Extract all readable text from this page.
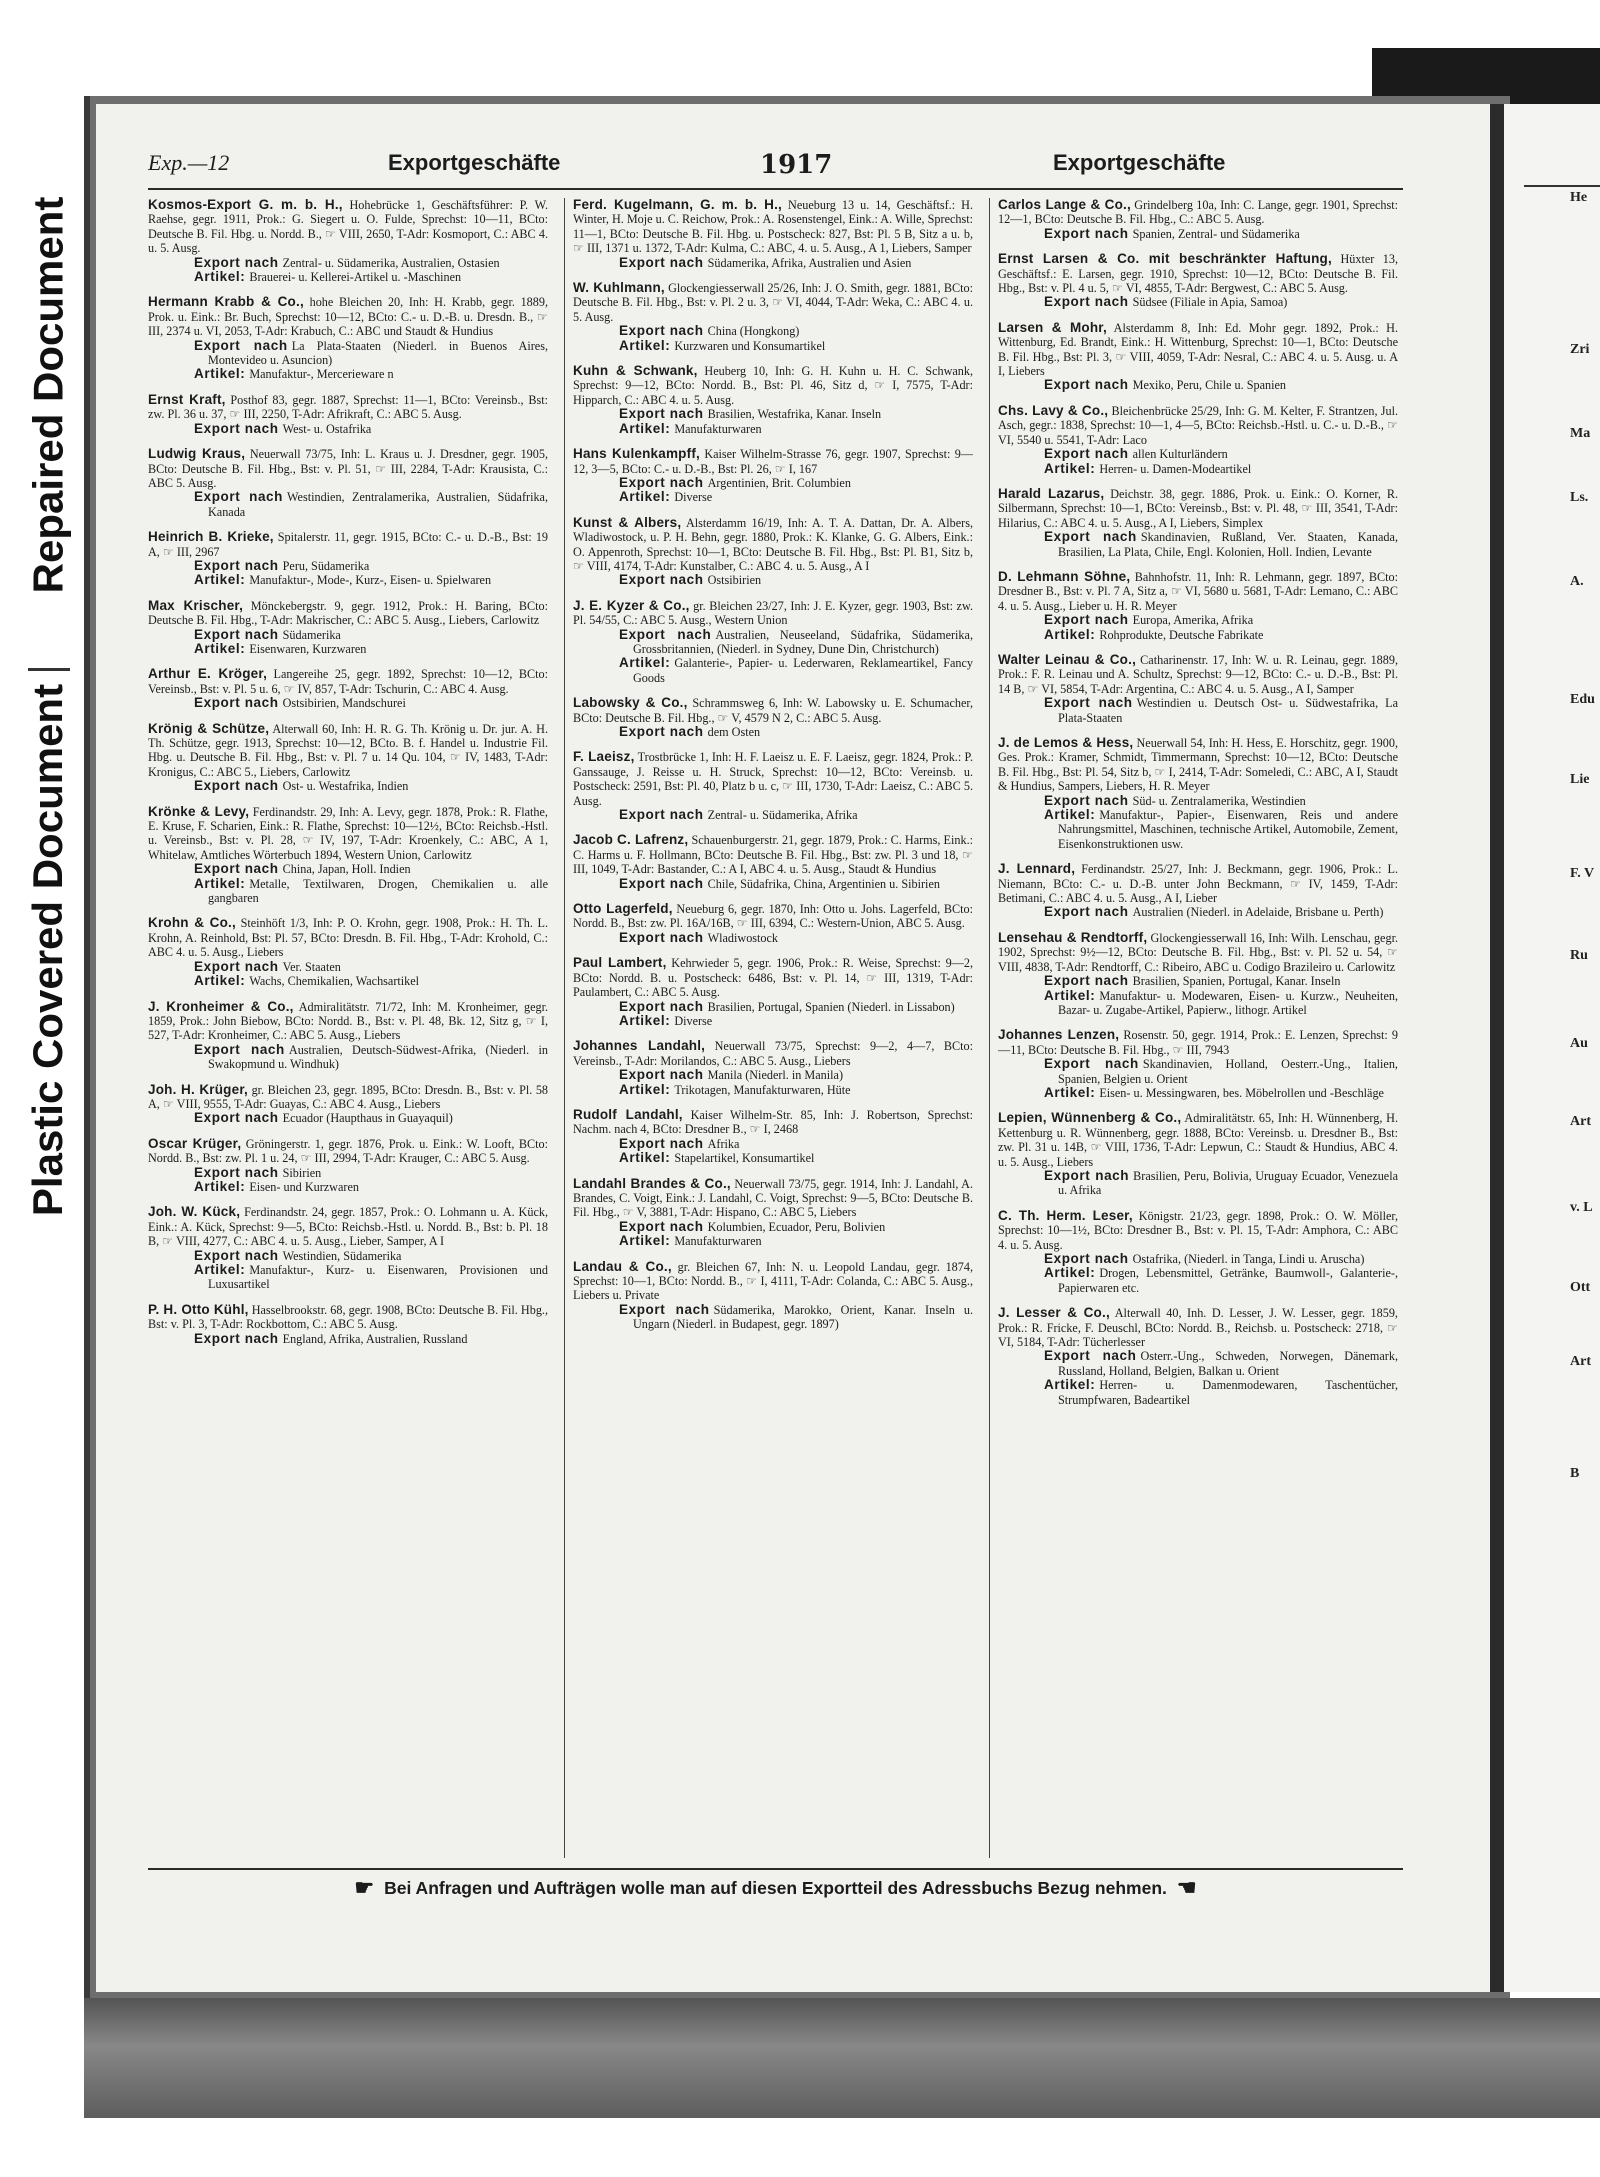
Repaired Document
Plastic Covered Document
He
Zri
Ma
Ls.
A.
Edu
Lie
F. V
Ru
Au
Art
v. L
Ott
Art
B
Exp.—12	Exportgeschäfte	1917	Exportgeschäfte
Kosmos-Export G. m. b. H., Hohebrücke 1, Geschäftsführer: P. W. Raehse, gegr. 1911, Prok.: G. Siegert u. O. Fulde, Sprechst: 10—11, BCto: Deutsche B. Fil. Hbg. u. Nordd. B., ☞ VIII, 2650, T-Adr: Kosmoport, C.: ABC 4. u. 5. Ausg.
Export nach Zentral- u. Südamerika, Australien, Ostasien
Artikel: Brauerei- u. Kellerei-Artikel u. -Maschinen
Hermann Krabb & Co., hohe Bleichen 20, Inh: H. Krabb, gegr. 1889, Prok. u. Eink.: Br. Buch, Sprechst: 10—12, BCto: C.- u. D.-B. u. Dresdn. B., ☞ III, 2374 u. VI, 2053, T-Adr: Krabuch, C.: ABC und Staudt & Hundius
Export nach La Plata-Staaten (Niederl. in Buenos Aires, Montevideo u. Asuncion)
Artikel: Manufaktur-, Mercerieware n
Ernst Kraft, Posthof 83, gegr. 1887, Sprechst: 11—1, BCto: Vereinsb., Bst: zw. Pl. 36 u. 37, ☞ III, 2250, T-Adr: Afrikraft, C.: ABC 5. Ausg.
Export nach West- u. Ostafrika
Ludwig Kraus, Neuerwall 73/75, Inh: L. Kraus u. J. Dresdner, gegr. 1905, BCto: Deutsche B. Fil. Hbg., Bst: v. Pl. 51, ☞ III, 2284, T-Adr: Krausista, C.: ABC 5. Ausg.
Export nach Westindien, Zentralamerika, Australien, Südafrika, Kanada
Heinrich B. Krieke, Spitalerstr. 11, gegr. 1915, BCto: C.- u. D.-B., Bst: 19 A, ☞ III, 2967
Export nach Peru, Südamerika
Artikel: Manufaktur-, Mode-, Kurz-, Eisen- u. Spielwaren
Max Krischer, Mönckebergstr. 9, gegr. 1912, Prok.: H. Baring, BCto: Deutsche B. Fil. Hbg., T-Adr: Makrischer, C.: ABC 5. Ausg., Liebers, Carlowitz
Export nach Südamerika
Artikel: Eisenwaren, Kurzwaren
Arthur E. Kröger, Langereihe 25, gegr. 1892, Sprechst: 10—12, BCto: Vereinsb., Bst: v. Pl. 5 u. 6, ☞ IV, 857, T-Adr: Tschurin, C.: ABC 4. Ausg.
Export nach Ostsibirien, Mandschurei
Krönig & Schütze, Alterwall 60, Inh: H. R. G. Th. Krönig u. Dr. jur. A. H. Th. Schütze, gegr. 1913, Sprechst: 10—12, BCto. B. f. Handel u. Industrie Fil. Hbg. u. Deutsche B. Fil. Hbg., Bst: v. Pl. 7 u. 14 Qu. 104, ☞ IV, 1483, T-Adr: Kronigus, C.: ABC 5., Liebers, Carlowitz
Export nach Ost- u. Westafrika, Indien
Krönke & Levy, Ferdinandstr. 29, Inh: A. Levy, gegr. 1878, Prok.: R. Flathe, E. Kruse, F. Scharien, Eink.: R. Flathe, Sprechst: 10—12½, BCto: Reichsb.-Hstl. u. Vereinsb., Bst: v. Pl. 28, ☞ IV, 197, T-Adr: Kroenkely, C.: ABC, A 1, Whitelaw, Amtliches Wörterbuch 1894, Western Union, Carlowitz
Export nach China, Japan, Holl. Indien
Artikel: Metalle, Textilwaren, Drogen, Chemikalien u. alle gangbaren
Krohn & Co., Steinhöft 1/3, Inh: P. O. Krohn, gegr. 1908, Prok.: H. Th. L. Krohn, A. Reinhold, Bst: Pl. 57, BCto: Dresdn. B. Fil. Hbg., T-Adr: Krohold, C.: ABC 4. u. 5. Ausg., Liebers
Export nach Ver. Staaten
Artikel: Wachs, Chemikalien, Wachsartikel
J. Kronheimer & Co., Admiralitätstr. 71/72, Inh: M. Kronheimer, gegr. 1859, Prok.: John Biebow, BCto: Nordd. B., Bst: v. Pl. 48, Bk. 12, Sitz g, ☞ I, 527, T-Adr: Kronheimer, C.: ABC 5. Ausg., Liebers
Export nach Australien, Deutsch-Südwest-Afrika, (Niederl. in Swakopmund u. Windhuk)
Joh. H. Krüger, gr. Bleichen 23, gegr. 1895, BCto: Dresdn. B., Bst: v. Pl. 58 A, ☞ VIII, 9555, T-Adr: Guayas, C.: ABC 4. Ausg., Liebers
Export nach Ecuador (Haupthaus in Guayaquil)
Oscar Krüger, Gröningerstr. 1, gegr. 1876, Prok. u. Eink.: W. Looft, BCto: Nordd. B., Bst: zw. Pl. 1 u. 24, ☞ III, 2994, T-Adr: Krauger, C.: ABC 5. Ausg.
Export nach Sibirien
Artikel: Eisen- und Kurzwaren
Joh. W. Kück, Ferdinandstr. 24, gegr. 1857, Prok.: O. Lohmann u. A. Kück, Eink.: A. Kück, Sprechst: 9—5, BCto: Reichsb.-Hstl. u. Nordd. B., Bst: b. Pl. 18 B, ☞ VIII, 4277, C.: ABC 4. u. 5. Ausg., Lieber, Samper, A I
Export nach Westindien, Südamerika
Artikel: Manufaktur-, Kurz- u. Eisenwaren, Provisionen und Luxusartikel
P. H. Otto Kühl, Hasselbrookstr. 68, gegr. 1908, BCto: Deutsche B. Fil. Hbg., Bst: v. Pl. 3, T-Adr: Rockbottom, C.: ABC 5. Ausg.
Export nach England, Afrika, Australien, Russland
Ferd. Kugelmann, G. m. b. H., Neueburg 13 u. 14, Geschäftsf.: H. Winter, H. Moje u. C. Reichow, Prok.: A. Rosenstengel, Eink.: A. Wille, Sprechst: 11—1, BCto: Deutsche B. Fil. Hbg. u. Postscheck: 827, Bst: Pl. 5 B, Sitz a u. b, ☞ III, 1371 u. 1372, T-Adr: Kulma, C.: ABC, 4. u. 5. Ausg., A 1, Liebers, Samper
Export nach Südamerika, Afrika, Australien und Asien
W. Kuhlmann, Glockengiesserwall 25/26, Inh: J. O. Smith, gegr. 1881, BCto: Deutsche B. Fil. Hbg., Bst: v. Pl. 2 u. 3, ☞ VI, 4044, T-Adr: Weka, C.: ABC 4. u. 5. Ausg.
Export nach China (Hongkong)
Artikel: Kurzwaren und Konsumartikel
Kuhn & Schwank, Heuberg 10, Inh: G. H. Kuhn u. H. C. Schwank, Sprechst: 9—12, BCto: Nordd. B., Bst: Pl. 46, Sitz d, ☞ I, 7575, T-Adr: Hipparch, C.: ABC 4. u. 5. Ausg.
Export nach Brasilien, Westafrika, Kanar. Inseln
Artikel: Manufakturwaren
Hans Kulenkampff, Kaiser Wilhelm-Strasse 76, gegr. 1907, Sprechst: 9—12, 3—5, BCto: C.- u. D.-B., Bst: Pl. 26, ☞ I, 167
Export nach Argentinien, Brit. Columbien
Artikel: Diverse
Kunst & Albers, Alsterdamm 16/19, Inh: A. T. A. Dattan, Dr. A. Albers, Wladiwostock, u. P. H. Behn, gegr. 1880, Prok.: K. Klanke, G. G. Albers, Eink.: O. Appenroth, Sprechst: 10—1, BCto: Deutsche B. Fil. Hbg., Bst: Pl. B1, Sitz b, ☞ VIII, 4174, T-Adr: Kunstalber, C.: ABC 4. u. 5. Ausg., A I
Export nach Ostsibirien
J. E. Kyzer & Co., gr. Bleichen 23/27, Inh: J. E. Kyzer, gegr. 1903, Bst: zw. Pl. 54/55, C.: ABC 5. Ausg., Western Union
Export nach Australien, Neuseeland, Südafrika, Südamerika, Grossbritannien, (Niederl. in Sydney, Dune Din, Christchurch)
Artikel: Galanterie-, Papier- u. Lederwaren, Reklameartikel, Fancy Goods
Labowsky & Co., Schrammsweg 6, Inh: W. Labowsky u. E. Schumacher, BCto: Deutsche B. Fil. Hbg., ☞ V, 4579 N 2, C.: ABC 5. Ausg.
Export nach dem Osten
F. Laeisz, Trostbrücke 1, Inh: H. F. Laeisz u. E. F. Laeisz, gegr. 1824, Prok.: P. Ganssauge, J. Reisse u. H. Struck, Sprechst: 10—12, BCto: Vereinsb. u. Postscheck: 2591, Bst: Pl. 40, Platz b u. c, ☞ III, 1730, T-Adr: Laeisz, C.: ABC 5. Ausg.
Export nach Zentral- u. Südamerika, Afrika
Jacob C. Lafrenz, Schauenburgerstr. 21, gegr. 1879, Prok.: C. Harms, Eink.: C. Harms u. F. Hollmann, BCto: Deutsche B. Fil. Hbg., Bst: zw. Pl. 3 und 18, ☞ III, 1049, T-Adr: Bastander, C.: A I, ABC 4. u. 5. Ausg., Staudt & Hundius
Export nach Chile, Südafrika, China, Argentinien u. Sibirien
Otto Lagerfeld, Neueburg 6, gegr. 1870, Inh: Otto u. Johs. Lagerfeld, BCto: Nordd. B., Bst: zw. Pl. 16A/16B, ☞ III, 6394, C.: Western-Union, ABC 5. Ausg.
Export nach Wladiwostock
Paul Lambert, Kehrwieder 5, gegr. 1906, Prok.: R. Weise, Sprechst: 9—2, BCto: Nordd. B. u. Postscheck: 6486, Bst: v. Pl. 14, ☞ III, 1319, T-Adr: Paulambert, C.: ABC 5. Ausg.
Export nach Brasilien, Portugal, Spanien (Niederl. in Lissabon)
Artikel: Diverse
Johannes Landahl, Neuerwall 73/75, Sprechst: 9—2, 4—7, BCto: Vereinsb., T-Adr: Morilandos, C.: ABC 5. Ausg., Liebers
Export nach Manila (Niederl. in Manila)
Artikel: Trikotagen, Manufakturwaren, Hüte
Rudolf Landahl, Kaiser Wilhelm-Str. 85, Inh: J. Robertson, Sprechst: Nachm. nach 4, BCto: Dresdner B., ☞ I, 2468
Export nach Afrika
Artikel: Stapelartikel, Konsumartikel
Landahl Brandes & Co., Neuerwall 73/75, gegr. 1914, Inh: J. Landahl, A. Brandes, C. Voigt, Eink.: J. Landahl, C. Voigt, Sprechst: 9—5, BCto: Deutsche B. Fil. Hbg., ☞ V, 3881, T-Adr: Hispano, C.: ABC 5, Liebers
Export nach Kolumbien, Ecuador, Peru, Bolivien
Artikel: Manufakturwaren
Landau & Co., gr. Bleichen 67, Inh: N. u. Leopold Landau, gegr. 1874, Sprechst: 10—1, BCto: Nordd. B., ☞ I, 4111, T-Adr: Colanda, C.: ABC 5. Ausg., Liebers u. Private
Export nach Südamerika, Marokko, Orient, Kanar. Inseln u. Ungarn (Niederl. in Budapest, gegr. 1897)
Carlos Lange & Co., Grindelberg 10a, Inh: C. Lange, gegr. 1901, Sprechst: 12—1, BCto: Deutsche B. Fil. Hbg., C.: ABC 5. Ausg.
Export nach Spanien, Zentral- und Südamerika
Ernst Larsen & Co. mit beschränkter Haftung, Hüxter 13, Geschäftsf.: E. Larsen, gegr. 1910, Sprechst: 10—12, BCto: Deutsche B. Fil. Hbg., Bst: v. Pl. 4 u. 5, ☞ VI, 4855, T-Adr: Bergwest, C.: ABC 5. Ausg.
Export nach Südsee (Filiale in Apia, Samoa)
Larsen & Mohr, Alsterdamm 8, Inh: Ed. Mohr gegr. 1892, Prok.: H. Wittenburg, Ed. Brandt, Eink.: H. Wittenburg, Sprechst: 10—1, BCto: Deutsche B. Fil. Hbg., Bst: Pl. 3, ☞ VIII, 4059, T-Adr: Nesral, C.: ABC 4. u. 5. Ausg. u. A I, Liebers
Export nach Mexiko, Peru, Chile u. Spanien
Chs. Lavy & Co., Bleichenbrücke 25/29, Inh: G. M. Kelter, F. Strantzen, Jul. Asch, gegr.: 1838, Sprechst: 10—1, 4—5, BCto: Reichsb.-Hstl. u. C.- u. D.-B., ☞ VI, 5540 u. 5541, T-Adr: Laco
Export nach allen Kulturländern
Artikel: Herren- u. Damen-Modeartikel
Harald Lazarus, Deichstr. 38, gegr. 1886, Prok. u. Eink.: O. Korner, R. Silbermann, Sprechst: 10—1, BCto: Vereinsb., Bst: v. Pl. 48, ☞ III, 3541, T-Adr: Hilarius, C.: ABC 4. u. 5. Ausg., A I, Liebers, Simplex
Export nach Skandinavien, Rußland, Ver. Staaten, Kanada, Brasilien, La Plata, Chile, Engl. Kolonien, Holl. Indien, Levante
D. Lehmann Söhne, Bahnhofstr. 11, Inh: R. Lehmann, gegr. 1897, BCto: Dresdner B., Bst: v. Pl. 7 A, Sitz a, ☞ VI, 5680 u. 5681, T-Adr: Lemano, C.: ABC 4. u. 5. Ausg., Lieber u. H. R. Meyer
Export nach Europa, Amerika, Afrika
Artikel: Rohprodukte, Deutsche Fabrikate
Walter Leinau & Co., Catharinenstr. 17, Inh: W. u. R. Leinau, gegr. 1889, Prok.: F. R. Leinau und A. Schultz, Sprechst: 9—12, BCto: C.- u. D.-B., Bst: Pl. 14 B, ☞ VI, 5854, T-Adr: Argentina, C.: ABC 4. u. 5. Ausg., A I, Samper
Export nach Westindien u. Deutsch Ost- u. Südwestafrika, La Plata-Staaten
J. de Lemos & Hess, Neuerwall 54, Inh: H. Hess, E. Horschitz, gegr. 1900, Ges. Prok.: Kramer, Schmidt, Timmermann, Sprechst: 10—12, BCto: Deutsche B. Fil. Hbg., Bst: Pl. 54, Sitz b, ☞ I, 2414, T-Adr: Someledi, C.: ABC, A I, Staudt & Hundius, Sampers, Liebers, H. R. Meyer
Export nach Süd- u. Zentralamerika, Westindien
Artikel: Manufaktur-, Papier-, Eisenwaren, Reis und andere Nahrungsmittel, Maschinen, technische Artikel, Automobile, Zement, Eisenkonstruktionen usw.
J. Lennard, Ferdinandstr. 25/27, Inh: J. Beckmann, gegr. 1906, Prok.: L. Niemann, BCto: C.- u. D.-B. unter John Beckmann, ☞ IV, 1459, T-Adr: Betimani, C.: ABC 4. u. 5. Ausg., A I, Lieber
Export nach Australien (Niederl. in Adelaide, Brisbane u. Perth)
Lensehau & Rendtorff, Glockengiesserwall 16, Inh: Wilh. Lenschau, gegr. 1902, Sprechst: 9½—12, BCto: Deutsche B. Fil. Hbg., Bst: v. Pl. 52 u. 54, ☞ VIII, 4838, T-Adr: Rendtorff, C.: Ribeiro, ABC u. Codigo Brazileiro u. Carlowitz
Export nach Brasilien, Spanien, Portugal, Kanar. Inseln
Artikel: Manufaktur- u. Modewaren, Eisen- u. Kurzw., Neuheiten, Bazar- u. Zugabe-Artikel, Papierw., lithogr. Artikel
Johannes Lenzen, Rosenstr. 50, gegr. 1914, Prok.: E. Lenzen, Sprechst: 9—11, BCto: Deutsche B. Fil. Hbg., ☞ III, 7943
Export nach Skandinavien, Holland, Oesterr.-Ung., Italien, Spanien, Belgien u. Orient
Artikel: Eisen- u. Messingwaren, bes. Möbelrollen und -Beschläge
Lepien, Wünnenberg & Co., Admiralitätstr. 65, Inh: H. Wünnenberg, H. Kettenburg u. R. Wünnenberg, gegr. 1888, BCto: Vereinsb. u. Dresdner B., Bst: zw. Pl. 31 u. 14B, ☞ VIII, 1736, T-Adr: Lepwun, C.: Staudt & Hundius, ABC 4. u. 5. Ausg., Liebers
Export nach Brasilien, Peru, Bolivia, Uruguay Ecuador, Venezuela u. Afrika
C. Th. Herm. Leser, Königstr. 21/23, gegr. 1898, Prok.: O. W. Möller, Sprechst: 10—1½, BCto: Dresdner B., Bst: v. Pl. 15, T-Adr: Amphora, C.: ABC 4. u. 5. Ausg.
Export nach Ostafrika, (Niederl. in Tanga, Lindi u. Aruscha)
Artikel: Drogen, Lebensmittel, Getränke, Baumwoll-, Galanterie-, Papierwaren etc.
J. Lesser & Co., Alterwall 40, Inh. D. Lesser, J. W. Lesser, gegr. 1859, Prok.: R. Fricke, F. Deuschl, BCto: Nordd. B., Reichsb. u. Postscheck: 2718, ☞ VI, 5184, T-Adr: Tücherlesser
Export nach Osterr.-Ung., Schweden, Norwegen, Dänemark, Russland, Holland, Belgien, Balkan u. Orient
Artikel: Herren- u. Damenmodewaren, Taschentücher, Strumpfwaren, Badeartikel
☛ Bei Anfragen und Aufträgen wolle man auf diesen Exportteil des Adressbuchs Bezug nehmen. ☚
